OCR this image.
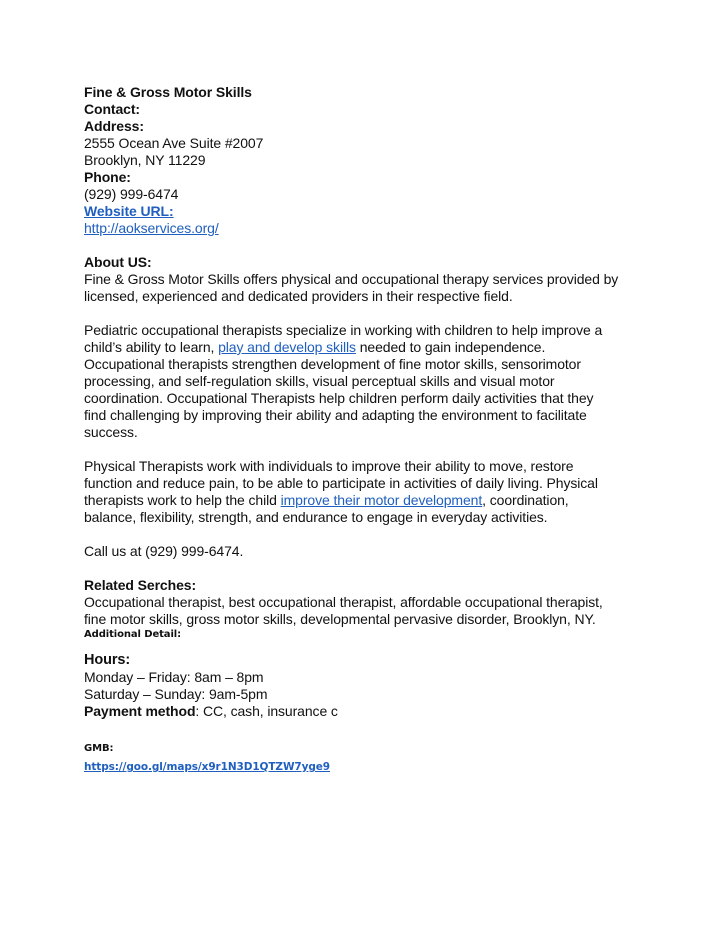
Fine & Gross Motor Skills
Contact:
Address:
2555 Ocean Ave Suite #2007
Brooklyn, NY 11229
Phone:
(929) 999-6474
Website URL:
http://aokservices.org/
About US:
Fine & Gross Motor Skills offers physical and occupational therapy services provided by
licensed, experienced and dedicated providers in their respective field.
Pediatric occupational therapists specialize in working with children to help improve a
child’s ability to learn, play and develop skills needed to gain independence.
Occupational therapists strengthen development of fine motor skills, sensorimotor
processing, and self-regulation skills, visual perceptual skills and visual motor
coordination. Occupational Therapists help children perform daily activities that they
find challenging by improving their ability and adapting the environment to facilitate
success.
Physical Therapists work with individuals to improve their ability to move, restore
function and reduce pain, to be able to participate in activities of daily living. Physical
therapists work to help the child improve their motor development, coordination,
balance, flexibility, strength, and endurance to engage in everyday activities.
Call us at (929) 999-6474.
Related Serches:
Occupational therapist, best occupational therapist, affordable occupational therapist,
fine motor skills, gross motor skills, developmental pervasive disorder, Brooklyn, NY.
Additional Detail:
Hours:
Monday – Friday: 8am – 8pm
Saturday – Sunday: 9am-5pm
Payment method: CC, cash, insurance c
GMB:
https://goo.gl/maps/x9r1N3D1QTZW7yge9
